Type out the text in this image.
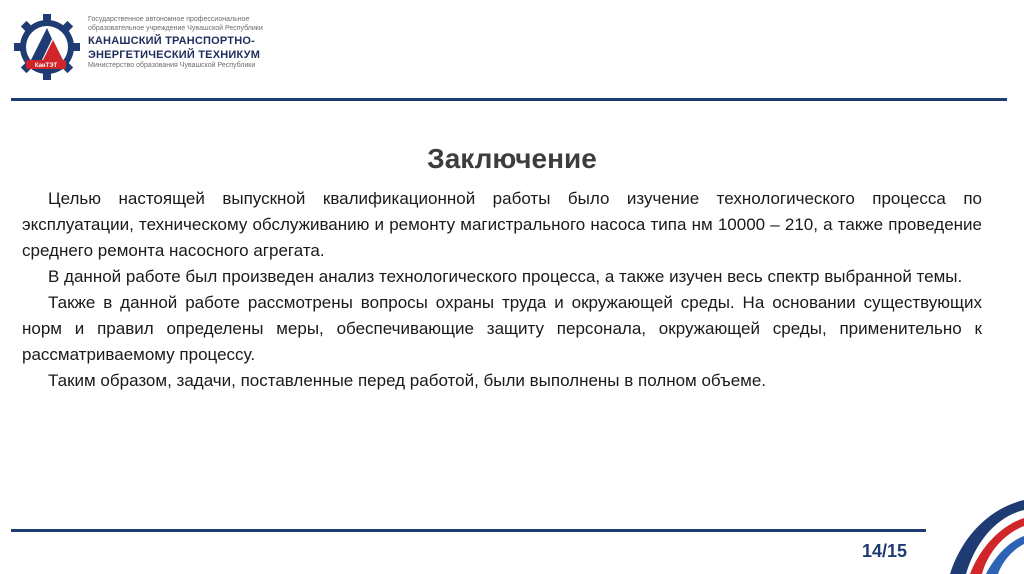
КанТЭТ
Государственное автономное профессиональное
образовательное учреждение Чувашской Республики
КАНАШСКИЙ ТРАНСПОРТНО-
ЭНЕРГЕТИЧЕСКИЙ ТЕХНИКУМ
Министерство образования Чувашской Республики
Заключение

Целью настоящей выпускной квалификационной работы было изучение технологического процесса по эксплуатации, техническому обслуживанию и ремонту магистрального насоса типа нм 10000 – 210, а также проведение среднего ремонта насосного агрегата.

В данной работе был произведен анализ технологического процесса, а также изучен весь спектр выбранной темы.

Также в данной работе рассмотрены вопросы охраны труда и окружающей среды. На основании существующих норм и правил определены меры, обеспечивающие защиту персонала, окружающей среды, применительно к рассматриваемому процессу.

Таким образом, задачи, поставленные перед работой, были выполнены в полном объеме.

14/15
